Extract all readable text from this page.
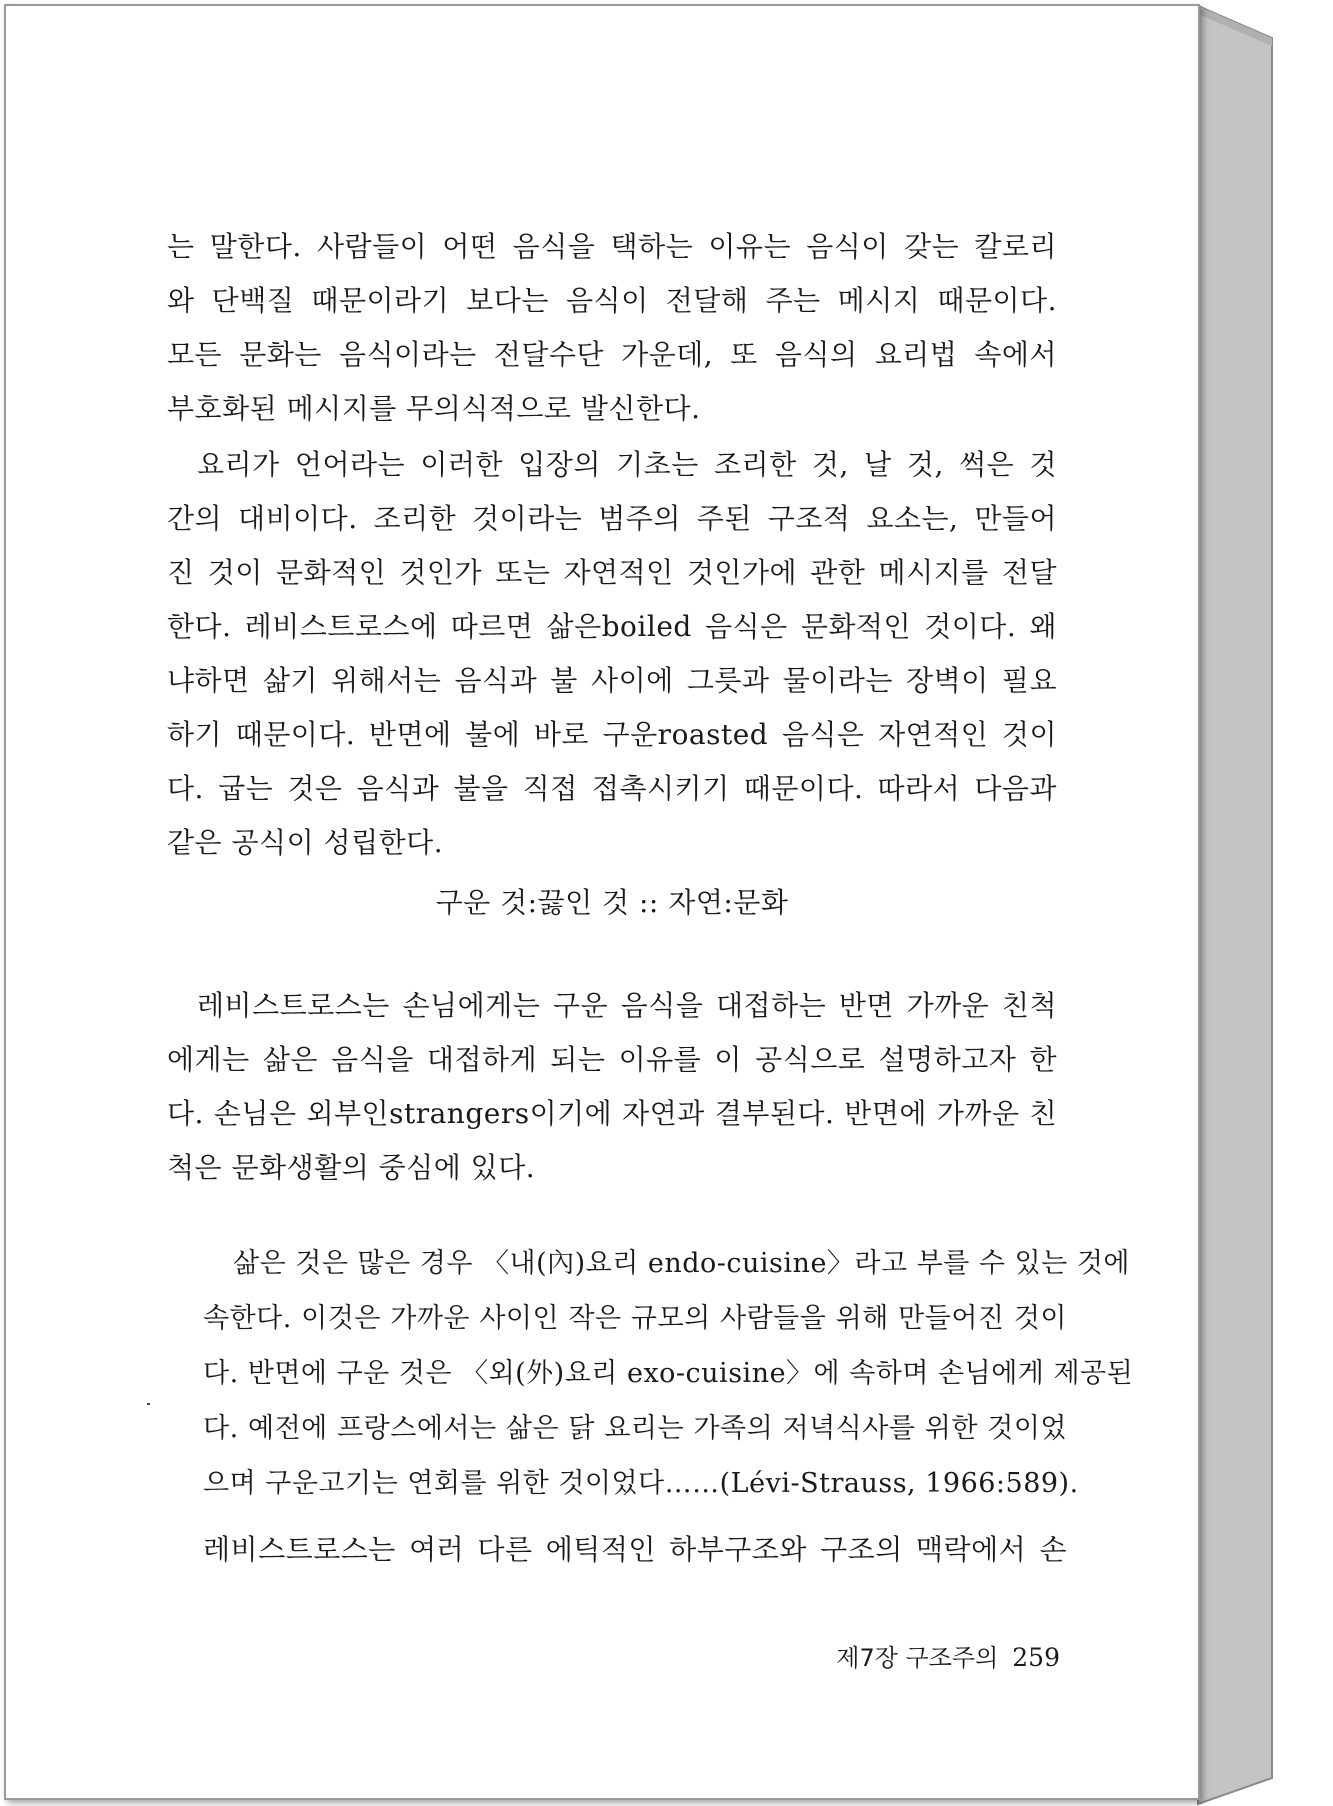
는 말한다. 사람들이 어떤 음식을 택하는 이유는 음식이 갖는 칼로리
와 단백질 때문이라기 보다는 음식이 전달해 주는 메시지 때문이다.
모든 문화는 음식이라는 전달수단 가운데, 또 음식의 요리법 속에서
부호화된 메시지를 무의식적으로 발신한다.
요리가 언어라는 이러한 입장의 기초는 조리한 것, 날 것, 썩은 것
간의 대비이다. 조리한 것이라는 범주의 주된 구조적 요소는, 만들어
진 것이 문화적인 것인가 또는 자연적인 것인가에 관한 메시지를 전달
한다. 레비스트로스에 따르면 삶은boiled 음식은 문화적인 것이다. 왜
냐하면 삶기 위해서는 음식과 불 사이에 그릇과 물이라는 장벽이 필요
하기 때문이다. 반면에 불에 바로 구운roasted 음식은 자연적인 것이
다. 굽는 것은 음식과 불을 직접 접촉시키기 때문이다. 따라서 다음과
같은 공식이 성립한다.
구운 것:끓인 것 :: 자연:문화
레비스트로스는 손님에게는 구운 음식을 대접하는 반면 가까운 친척
에게는 삶은 음식을 대접하게 되는 이유를 이 공식으로 설명하고자 한
다. 손님은 외부인strangers이기에 자연과 결부된다. 반면에 가까운 친
척은 문화생활의 중심에 있다.
삶은 것은 많은 경우 〈내(內)요리 endo-cuisine〉라고 부를 수 있는 것에
속한다. 이것은 가까운 사이인 작은 규모의 사람들을 위해 만들어진 것이
다. 반면에 구운 것은 〈외(外)요리 exo-cuisine〉에 속하며 손님에게 제공된
다. 예전에 프랑스에서는 삶은 닭 요리는 가족의 저녁식사를 위한 것이었
으며 구운고기는 연회를 위한 것이었다……(Lévi-Strauss, 1966:589).
레비스트로스는 여러 다른 에틱적인 하부구조와 구조의 맥락에서 손
제7장 구조주의 259
